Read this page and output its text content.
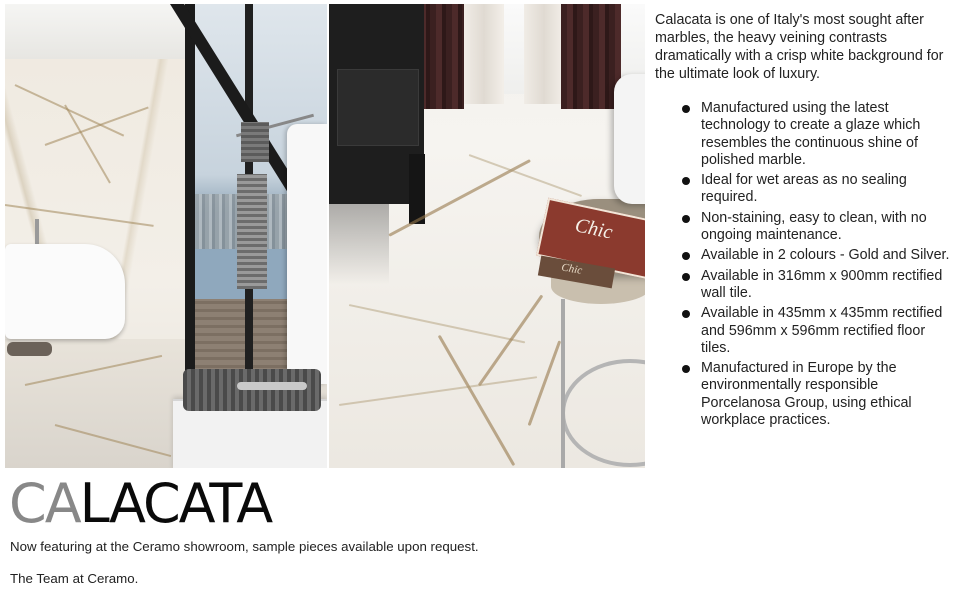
Chic
Chic

Calacata is one of Italy's most sought after marbles, the heavy veining contrasts dramatically with a crisp white background for the ultimate look of luxury.

Manufactured using the latest technology to create a glaze which resembles the continuous shine of polished marble.
Ideal for wet areas as no sealing required.
Non-staining, easy to clean, with no ongoing maintenance.
Available in 2 colours - Gold and Silver.
Available in 316mm x 900mm rectified wall tile.
Available in 435mm x 435mm rectified and 596mm x 596mm rectified floor tiles.
Manufactured in Europe by the environmentally responsible Porcelanosa Group, using ethical workplace practices.
CALACATA

Now featuring at the Ceramo showroom, sample pieces available upon request.

The Team at Ceramo.
